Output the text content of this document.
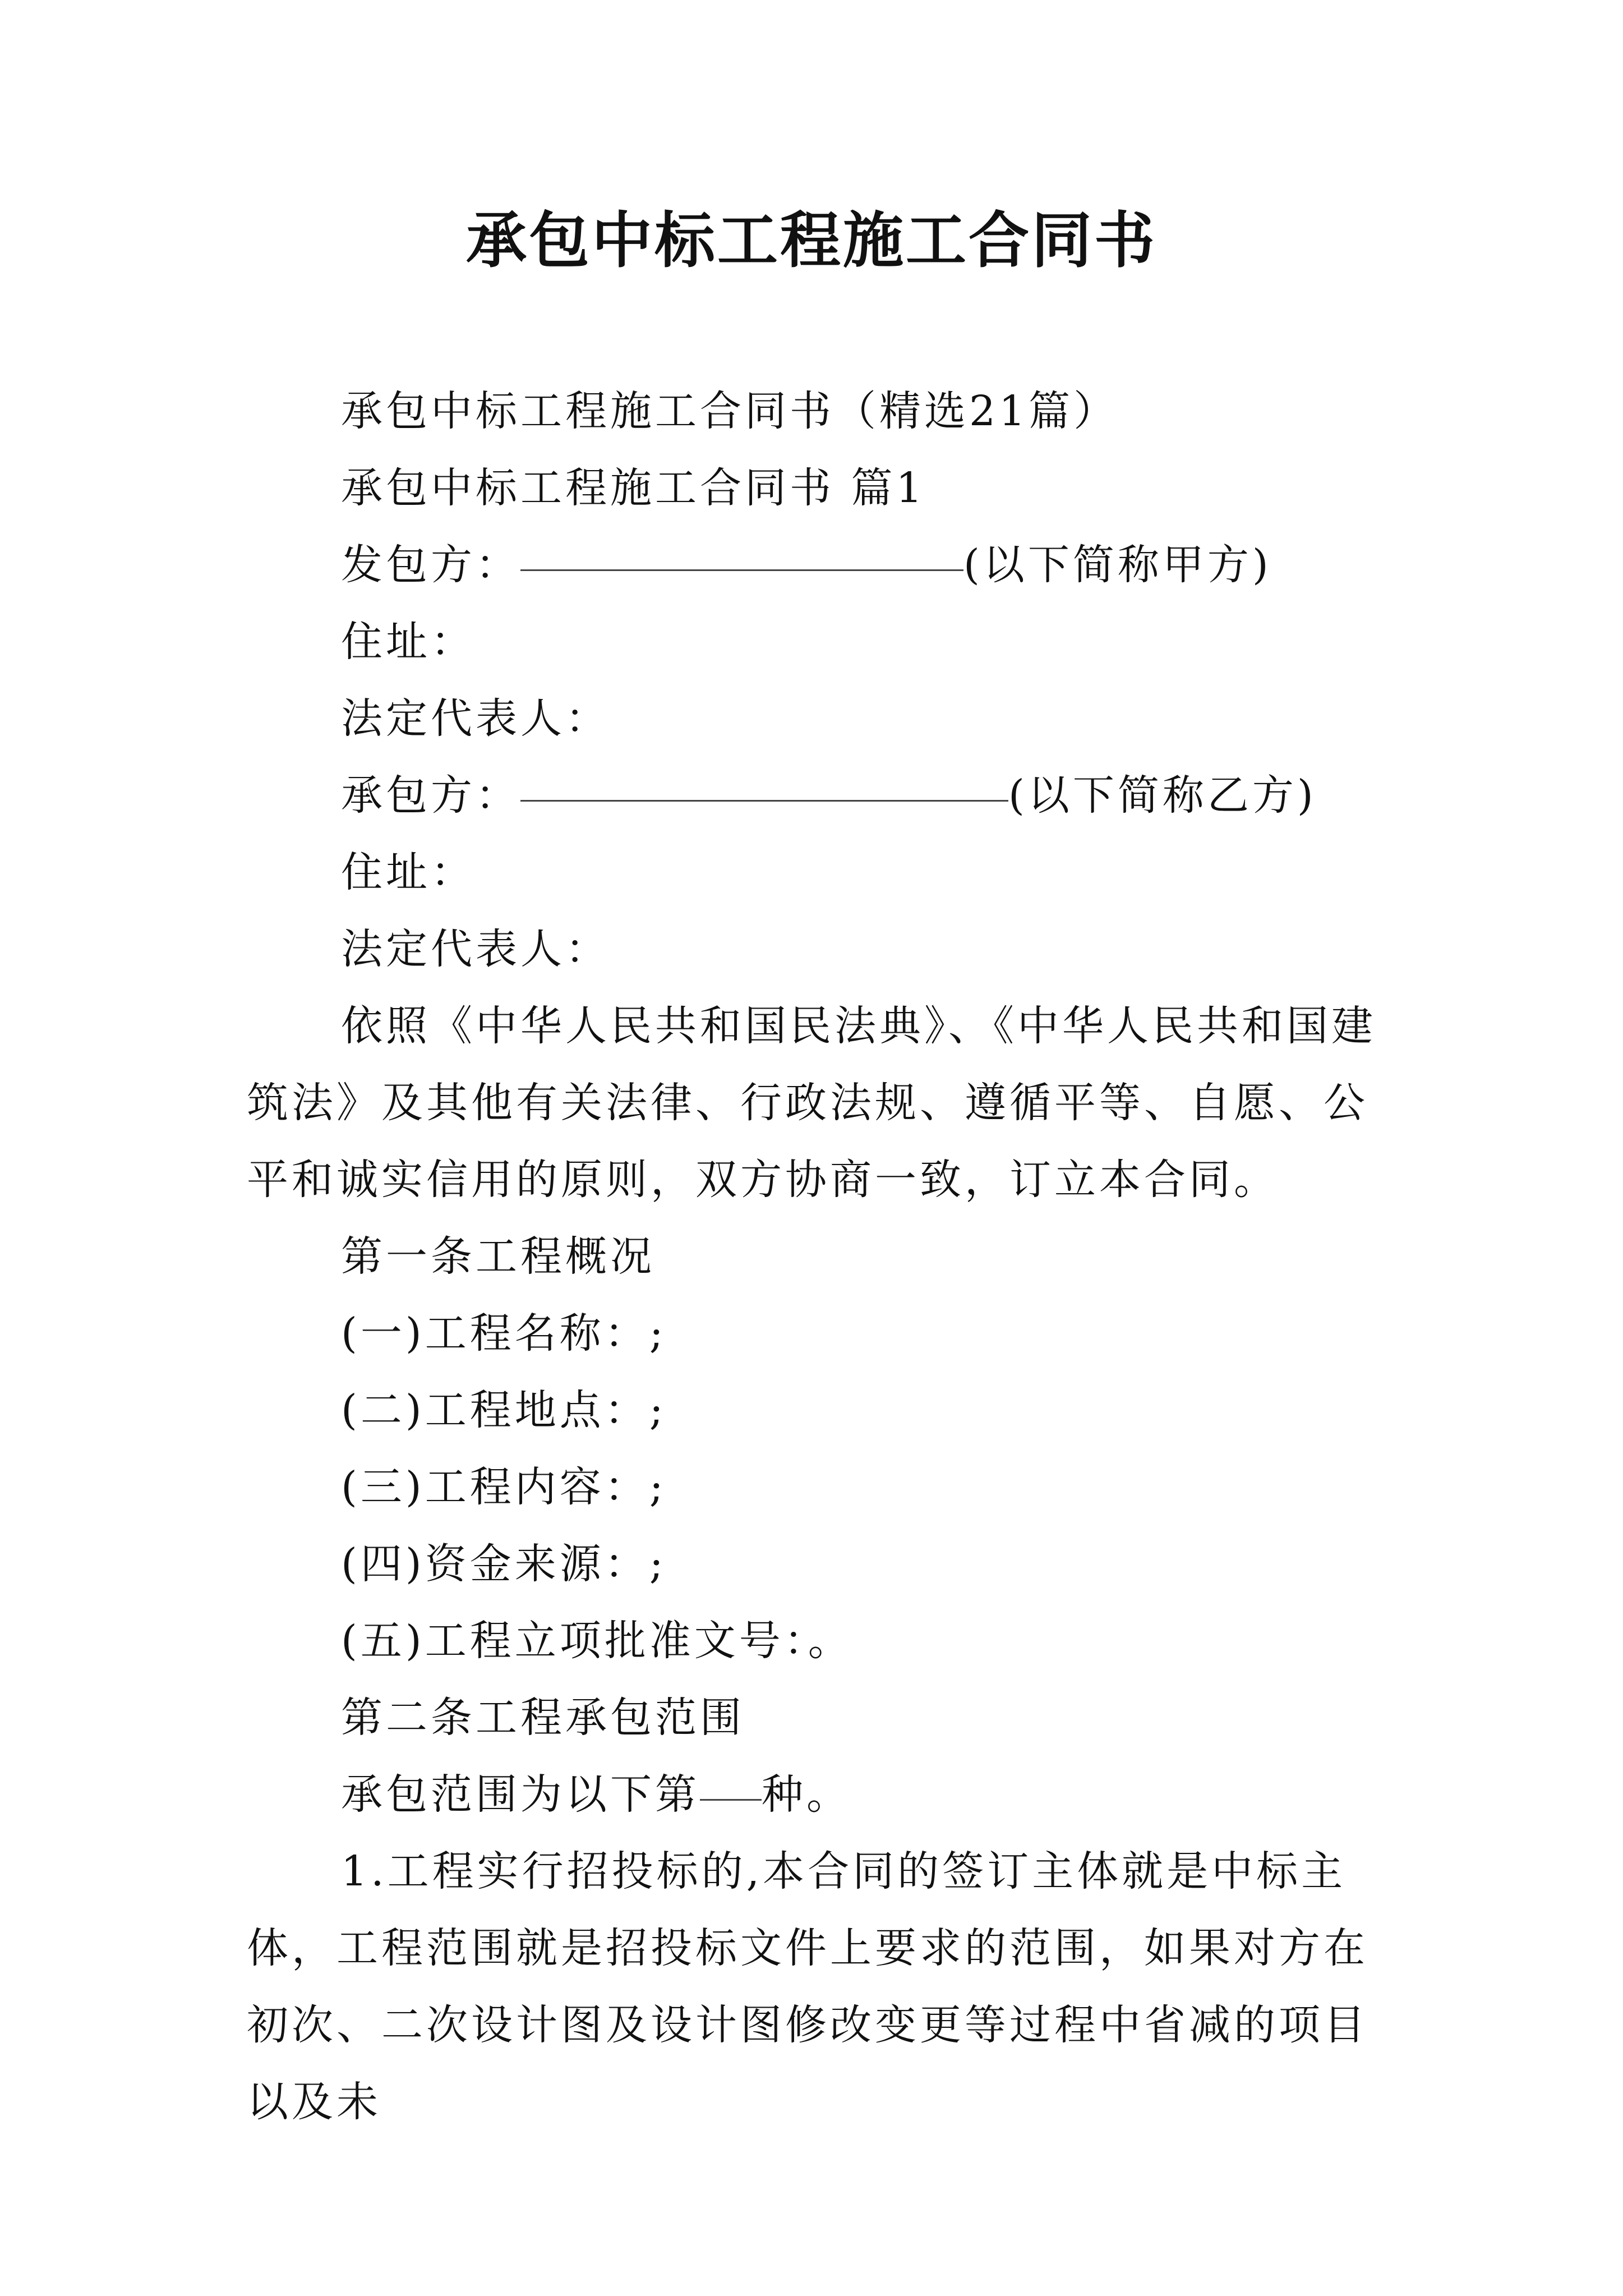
承包中标工程施工合同书

承包中标工程施工合同书（精选21篇）

承包中标工程施工合同书 篇1

发包方：	(以下简称甲方)

住址：

法定代表人：

承包方：	(以下简称乙方)

住址：

法定代表人：

依照《中华人民共和国民法典》、《中华人民共和国建筑法》及其他有关法律、行政法规、遵循平等、自愿、公平和诚实信用的原则，双方协商一致，订立本合同。

第一条工程概况

(一)工程名称：;

(二)工程地点：;

(三)工程内容：;

(四)资金来源：;

(五)工程立项批准文号：。

第二条工程承包范围

承包范围为以下第 种。

1.工程实行招投标的,本合同的签订主体就是中标主体，工程范围就是招投标文件上要求的范围，如果对方在初次、二次设计图及设计图修改变更等过程中省减的项目以及未
